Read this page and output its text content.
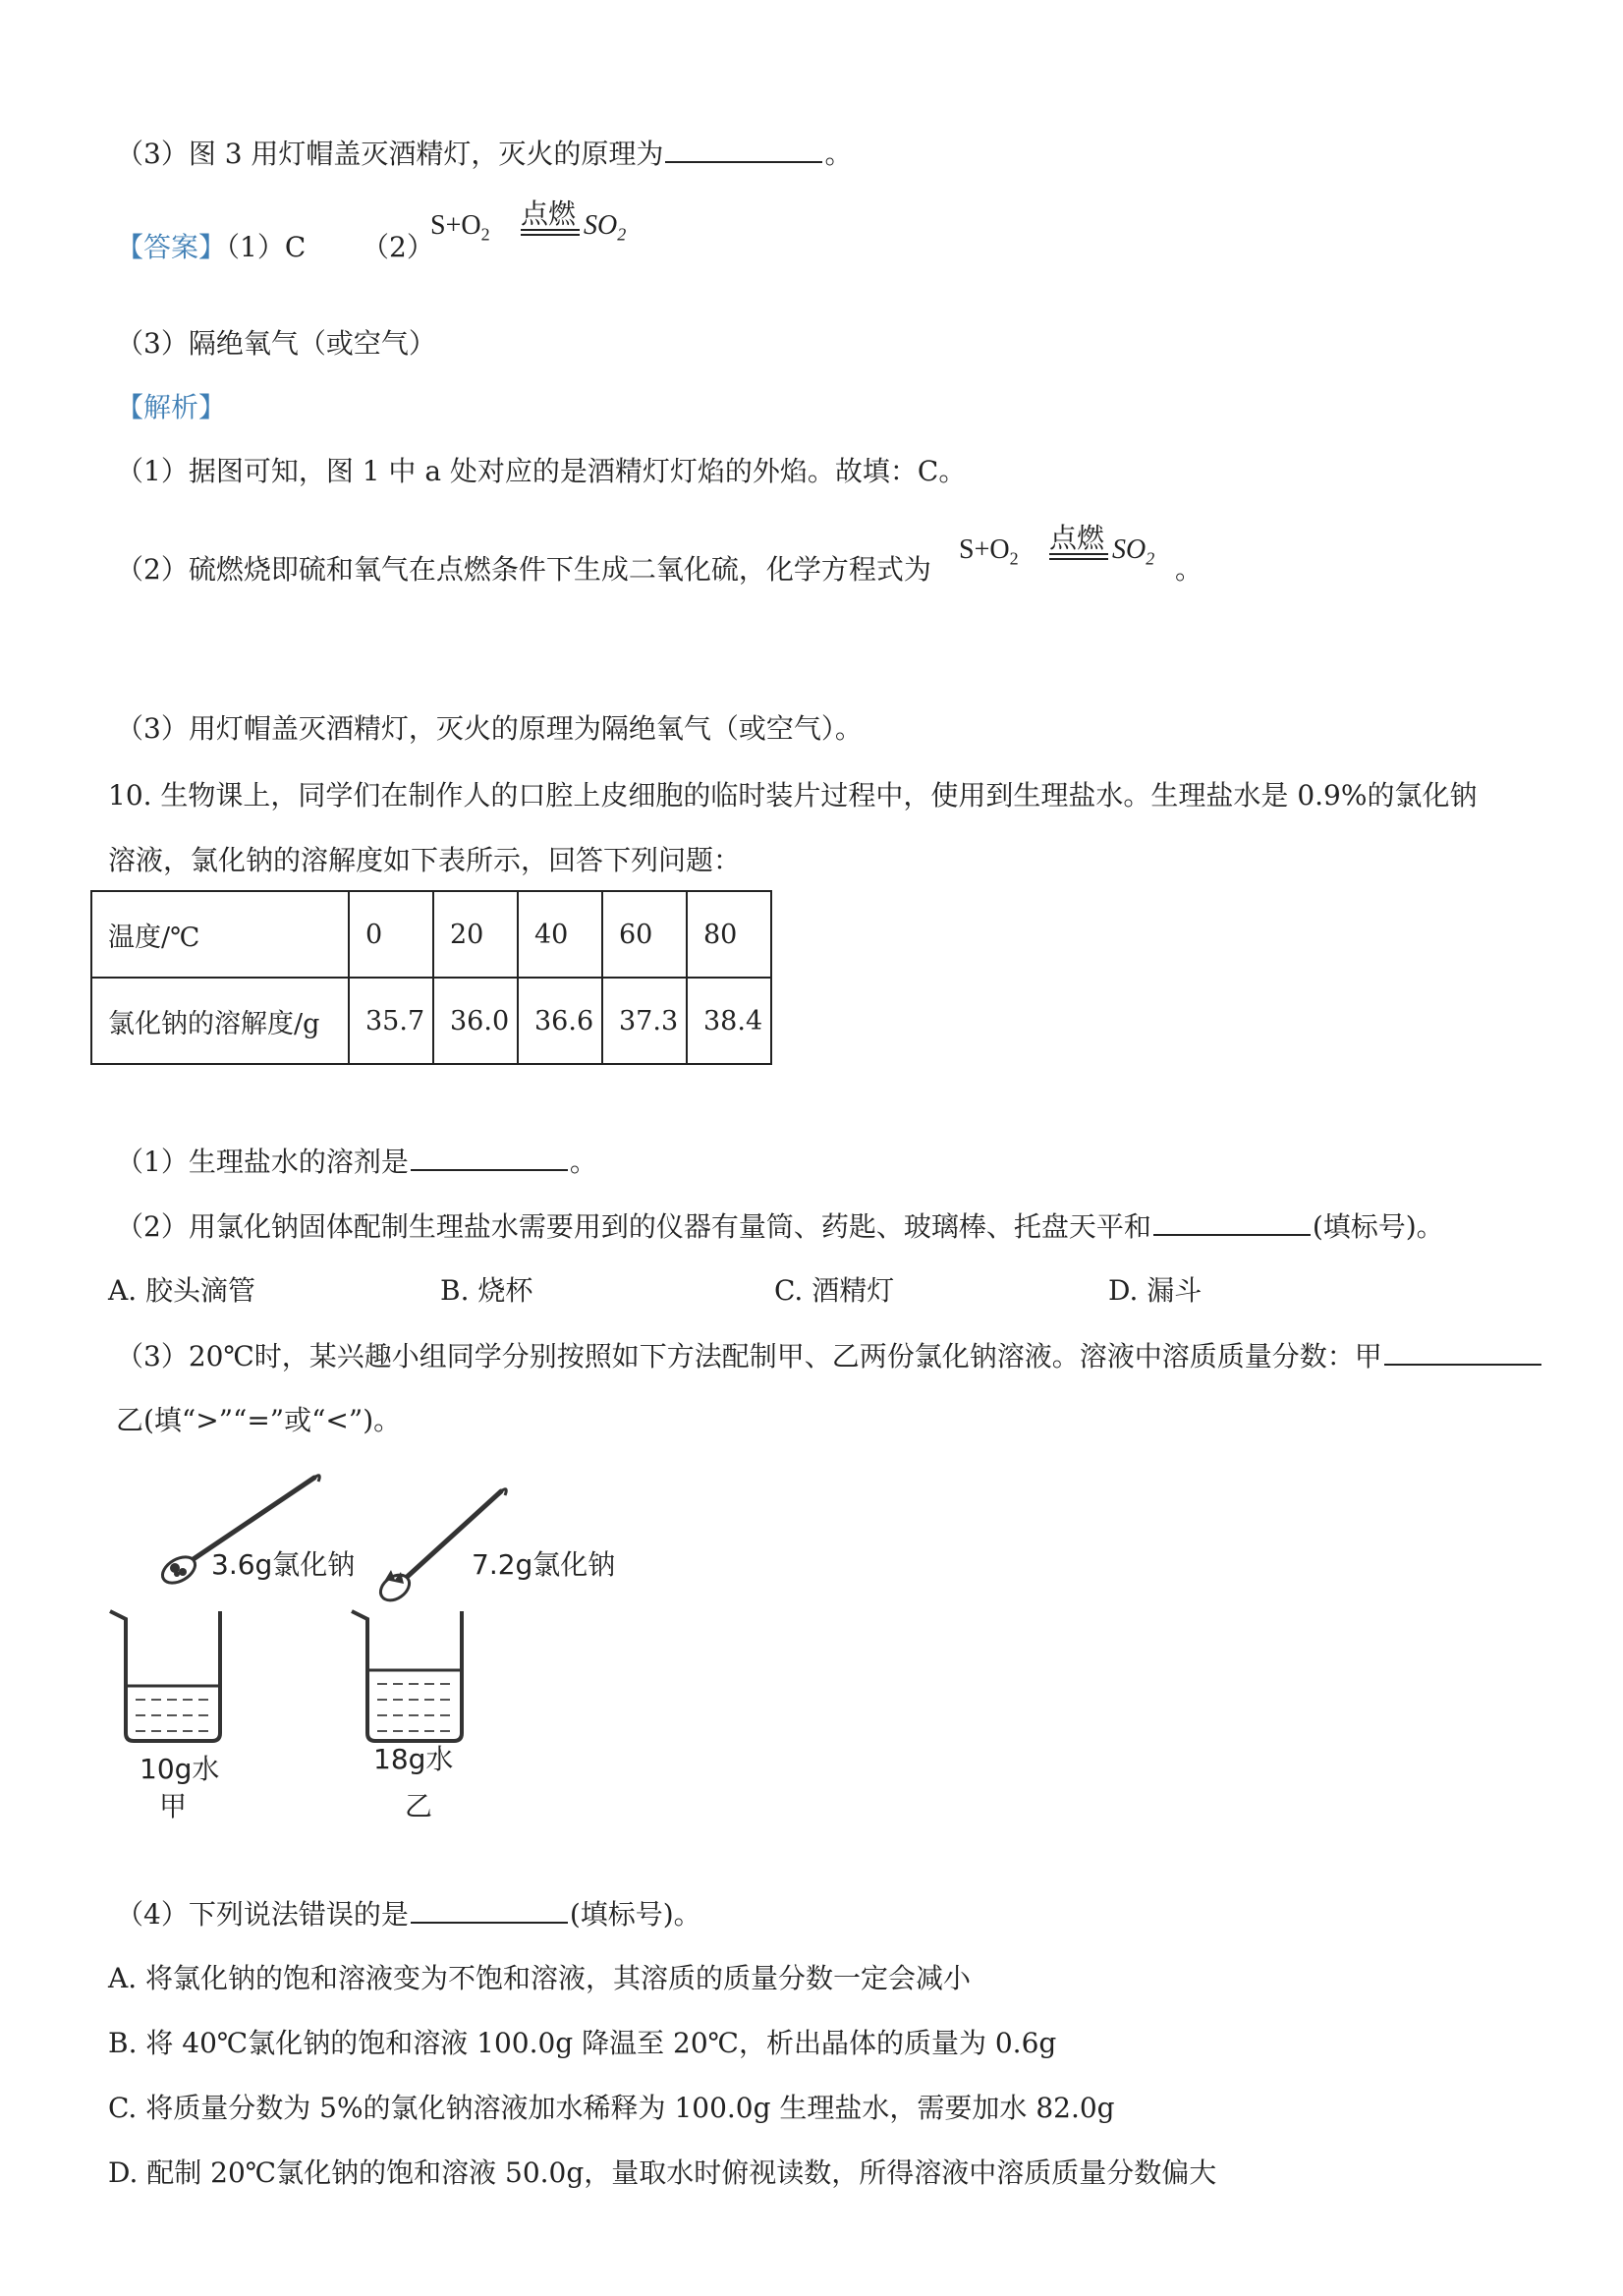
（3）图 3 用灯帽盖灭酒精灯，灭火的原理为	。
【答案】（1）C （2）
$S+O_2$
点燃 $SO_2$
（3）隔绝氧气（或空气）
【解析】
（1）据图可知，图 1 中 a 处对应的是酒精灯灯焰的外焰。故填：C。
（2）硫燃烧即硫和氧气在点燃条件下生成二氧化硫，化学方程式为
$S+O_2$
点燃 $SO_2$ 。
（3）用灯帽盖灭酒精灯，灭火的原理为隔绝氧气（或空气）。
10. 生物课上，同学们在制作人的口腔上皮细胞的临时装片过程中，使用到生理盐水。生理盐水是 0.9%的氯化钠
溶液，氯化钠的溶解度如下表所示，回答下列问题：
温度/℃	0	20	40	60	80
氯化钠的溶解度/g	35.7	36.0	36.6	37.3	38.4
（1）生理盐水的溶剂是	。
（2）用氯化钠固体配制生理盐水需要用到的仪器有量筒、药匙、玻璃棒、托盘天平和	(填标号)。
A. 胶头滴管	B. 烧杯	C. 酒精灯	D. 漏斗
（3）20℃时，某兴趣小组同学分别按照如下方法配制甲、乙两份氯化钠溶液。溶液中溶质质量分数：甲
乙(填“>”“=”或“<”)。
3.6g氯化钠	7.2g氯化钠
10g水
甲
18g水
乙
（4）下列说法错误的是	(填标号)。
A. 将氯化钠的饱和溶液变为不饱和溶液，其溶质的质量分数一定会减小
B. 将 40℃氯化钠的饱和溶液 100.0g 降温至 20℃，析出晶体的质量为 0.6g
C. 将质量分数为 5%的氯化钠溶液加水稀释为 100.0g 生理盐水，需要加水 82.0g
D. 配制 20℃氯化钠的饱和溶液 50.0g，量取水时俯视读数，所得溶液中溶质质量分数偏大
